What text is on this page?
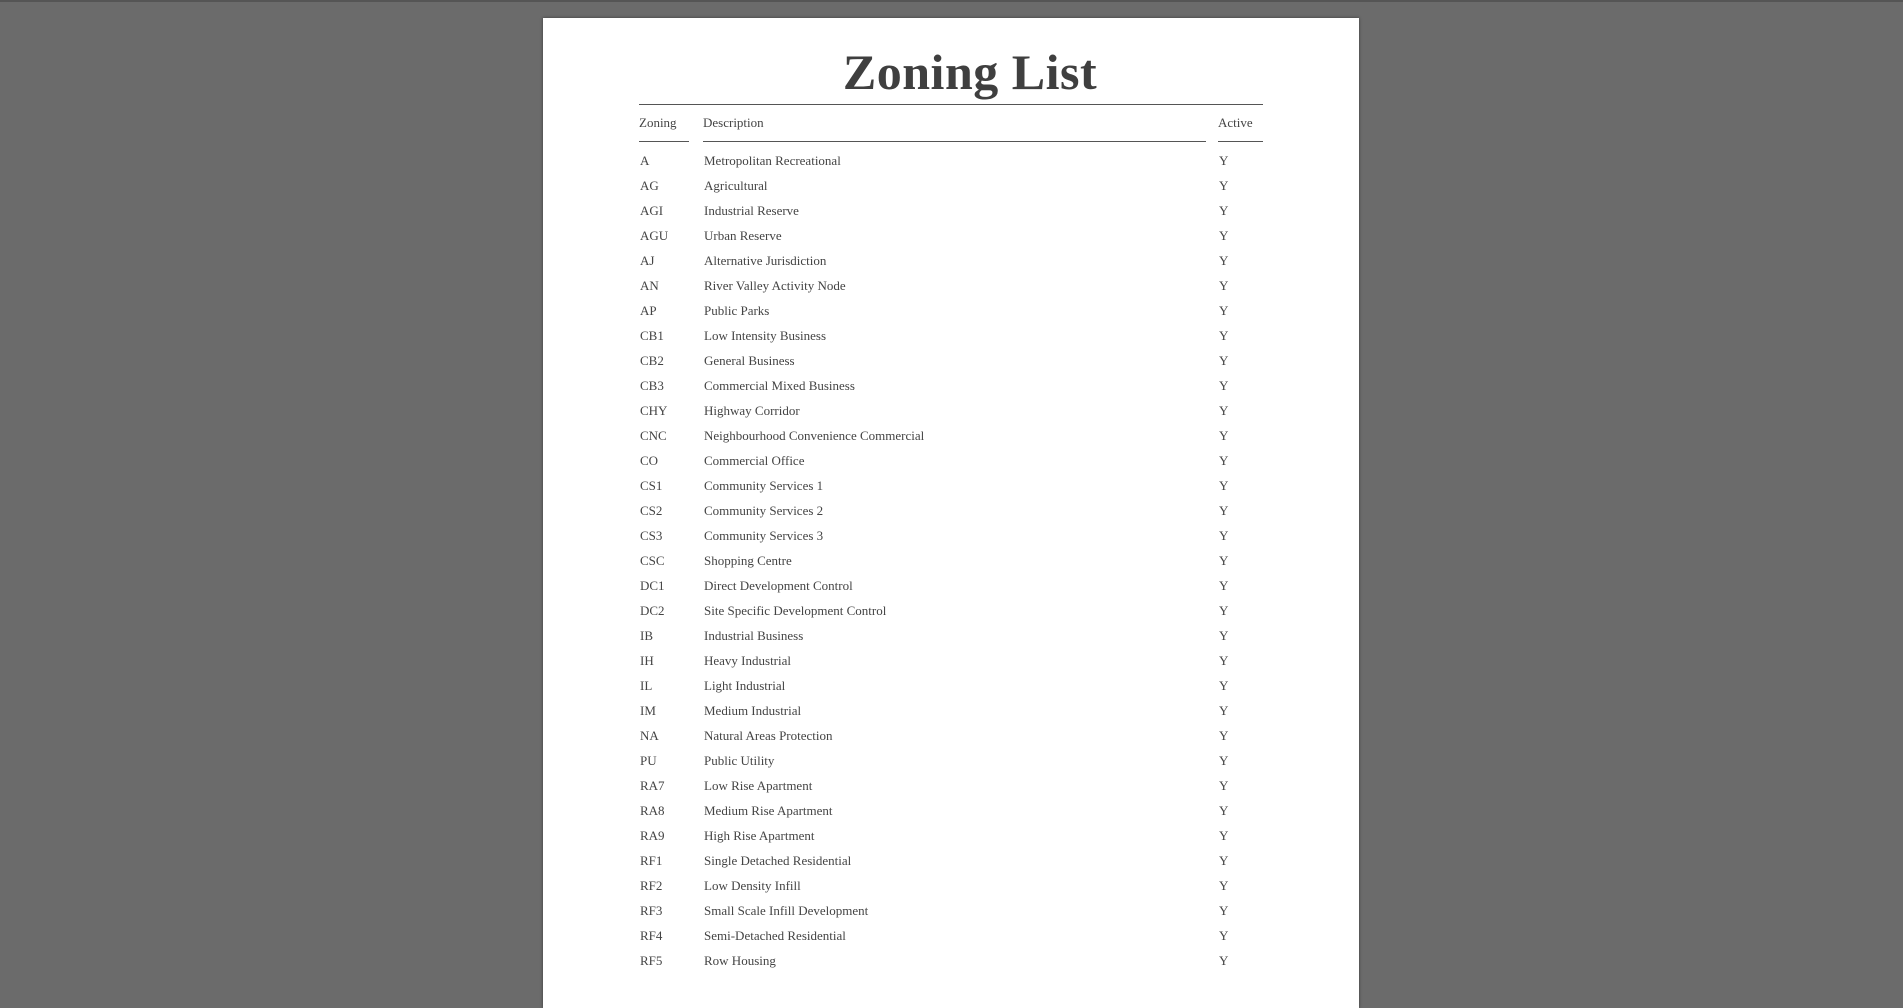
Zoning List
Zoning	Description	Active
A	Metropolitan Recreational	Y
AG	Agricultural	Y
AGI	Industrial Reserve	Y
AGU	Urban Reserve	Y
AJ	Alternative Jurisdiction	Y
AN	River Valley Activity Node	Y
AP	Public Parks	Y
CB1	Low Intensity Business	Y
CB2	General Business	Y
CB3	Commercial Mixed Business	Y
CHY	Highway Corridor	Y
CNC	Neighbourhood Convenience Commercial	Y
CO	Commercial Office	Y
CS1	Community Services 1	Y
CS2	Community Services 2	Y
CS3	Community Services 3	Y
CSC	Shopping Centre	Y
DC1	Direct Development Control	Y
DC2	Site Specific Development Control	Y
IB	Industrial Business	Y
IH	Heavy Industrial	Y
IL	Light Industrial	Y
IM	Medium Industrial	Y
NA	Natural Areas Protection	Y
PU	Public Utility	Y
RA7	Low Rise Apartment	Y
RA8	Medium Rise Apartment	Y
RA9	High Rise Apartment	Y
RF1	Single Detached Residential	Y
RF2	Low Density Infill	Y
RF3	Small Scale Infill Development	Y
RF4	Semi-Detached Residential	Y
RF5	Row Housing	Y
